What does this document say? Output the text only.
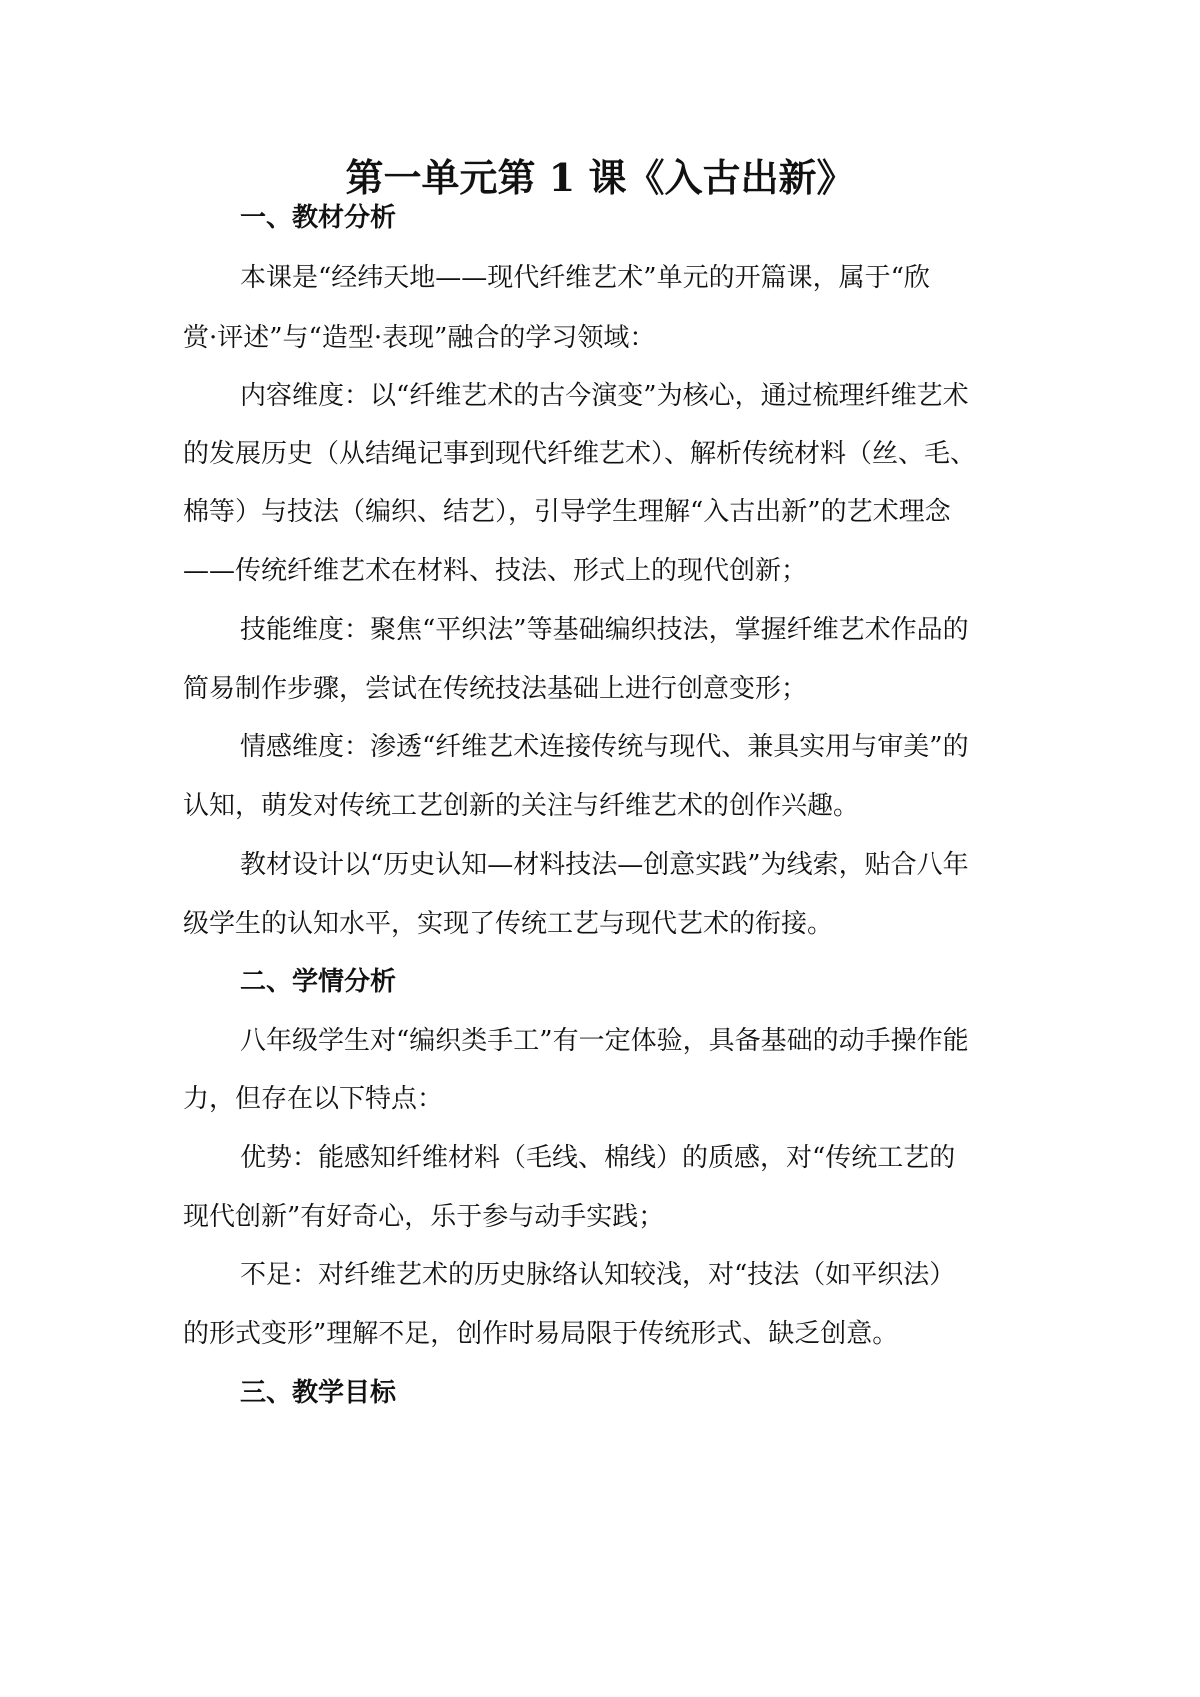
第一单元第 1 课《入古出新》
一、教材分析
本课是“经纬天地——现代纤维艺术”单元的开篇课，属于“欣
赏·评述”与“造型·表现”融合的学习领域：
内容维度：以“纤维艺术的古今演变”为核心，通过梳理纤维艺术
的发展历史（从结绳记事到现代纤维艺术）、解析传统材料（丝、毛、
棉等）与技法（编织、结艺），引导学生理解“入古出新”的艺术理念
——传统纤维艺术在材料、技法、形式上的现代创新；
技能维度：聚焦“平织法”等基础编织技法，掌握纤维艺术作品的
简易制作步骤，尝试在传统技法基础上进行创意变形；
情感维度：渗透“纤维艺术连接传统与现代、兼具实用与审美”的
认知，萌发对传统工艺创新的关注与纤维艺术的创作兴趣。
教材设计以“历史认知—材料技法—创意实践”为线索，贴合八年
级学生的认知水平，实现了传统工艺与现代艺术的衔接。
二、学情分析
八年级学生对“编织类手工”有一定体验，具备基础的动手操作能
力，但存在以下特点：
优势：能感知纤维材料（毛线、棉线）的质感，对“传统工艺的
现代创新”有好奇心，乐于参与动手实践；
不足：对纤维艺术的历史脉络认知较浅，对“技法（如平织法）
的形式变形”理解不足，创作时易局限于传统形式、缺乏创意。
三、教学目标
